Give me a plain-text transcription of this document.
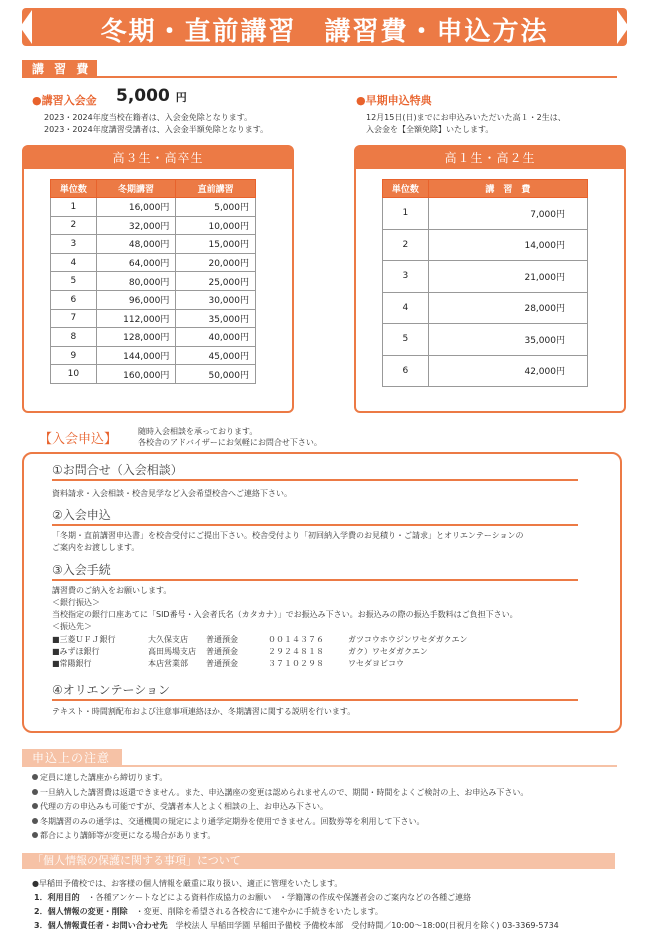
冬期・直前講習　講習費・申込方法
講 習 費
●講習入会金 5,000 円
2023・2024年度当校在籍者は、入会金免除となります。
2023・2024年度講習受講者は、入会金半額免除となります。
●早期申込特典
12月15日(日)までにお申込みいただいた高１・2生は、
入会金を【全額免除】いたします。
高３生・高卒生
単位数	冬期講習	直前講習
1	16,000円	5,000円
2	32,000円	10,000円
3	48,000円	15,000円
4	64,000円	20,000円
5	80,000円	25,000円
6	96,000円	30,000円
7	112,000円	35,000円
8	128,000円	40,000円
9	144,000円	45,000円
10	160,000円	50,000円
高１生・高２生
単位数	講　習　費
1	7,000円
2	14,000円
3	21,000円
4	28,000円
5	35,000円
6	42,000円
【入会申込】
随時入会相談を承っております。
各校舎のアドバイザーにお気軽にお問合せ下さい。
①お問合せ（入会相談）
資料請求・入会相談・校舎見学など入会希望校舎へご連絡下さい。
②入会申込
「冬期・直前講習申込書」を校舎受付にご提出下さい。校舎受付より「初回納入学費のお見積り・ご請求」とオリエンテーションの
ご案内をお渡しします。
③入会手続
講習費のご納入をお願いします。
＜銀行振込＞
当校指定の銀行口座あてに「SID番号・入会者氏名（カタカナ）」でお振込み下さい。お振込みの際の振込手数料はご負担下さい。
＜振込先＞
■三菱ＵＦＪ銀行	大久保支店 普通預金	００１４３７６	ガツコウホウジンワセダガクエン
■みずほ銀行	高田馬場支店 普通預金	２９２４８１８	ガク）ワセダガクエン
■常陽銀行	本店営業部 普通預金	３７１０２９８	ワセダヨビコウ
④オリエンテーション
テキスト・時間割配布および注意事項連絡ほか、冬期講習に関する説明を行います。
申込上の注意
定員に達した講座から締切ります。
一旦納入した講習費は返還できません。また、申込講座の変更は認められませんので、期間・時間をよくご検討の上、お申込み下さい。
代理の方の申込みも可能ですが、受講者本人とよく相談の上、お申込み下さい。
冬期講習のみの通学は、交通機関の規定により通学定期券を使用できません。回数券等を利用して下さい。
都合により講師等が変更になる場合があります。
「個人情報の保護に関する事項」について
●早稲田予備校では、お客様の個人情報を厳重に取り扱い、適正に管理をいたします。
1．利用目的　 ・各種アンケートなどによる資料作成協力のお願い　・学籍簿の作成や保護者会のご案内などの各種ご連絡
2．個人情報の変更・削除　 ・変更、削除を希望される各校舎にて速やかに手続きをいたします。
3．個人情報責任者・お問い合わせ先　 学校法人 早稲田学園 早稲田予備校 予備校本部　受付時間／10:00～18:00(日祝月を除く) 03-3369-5734
